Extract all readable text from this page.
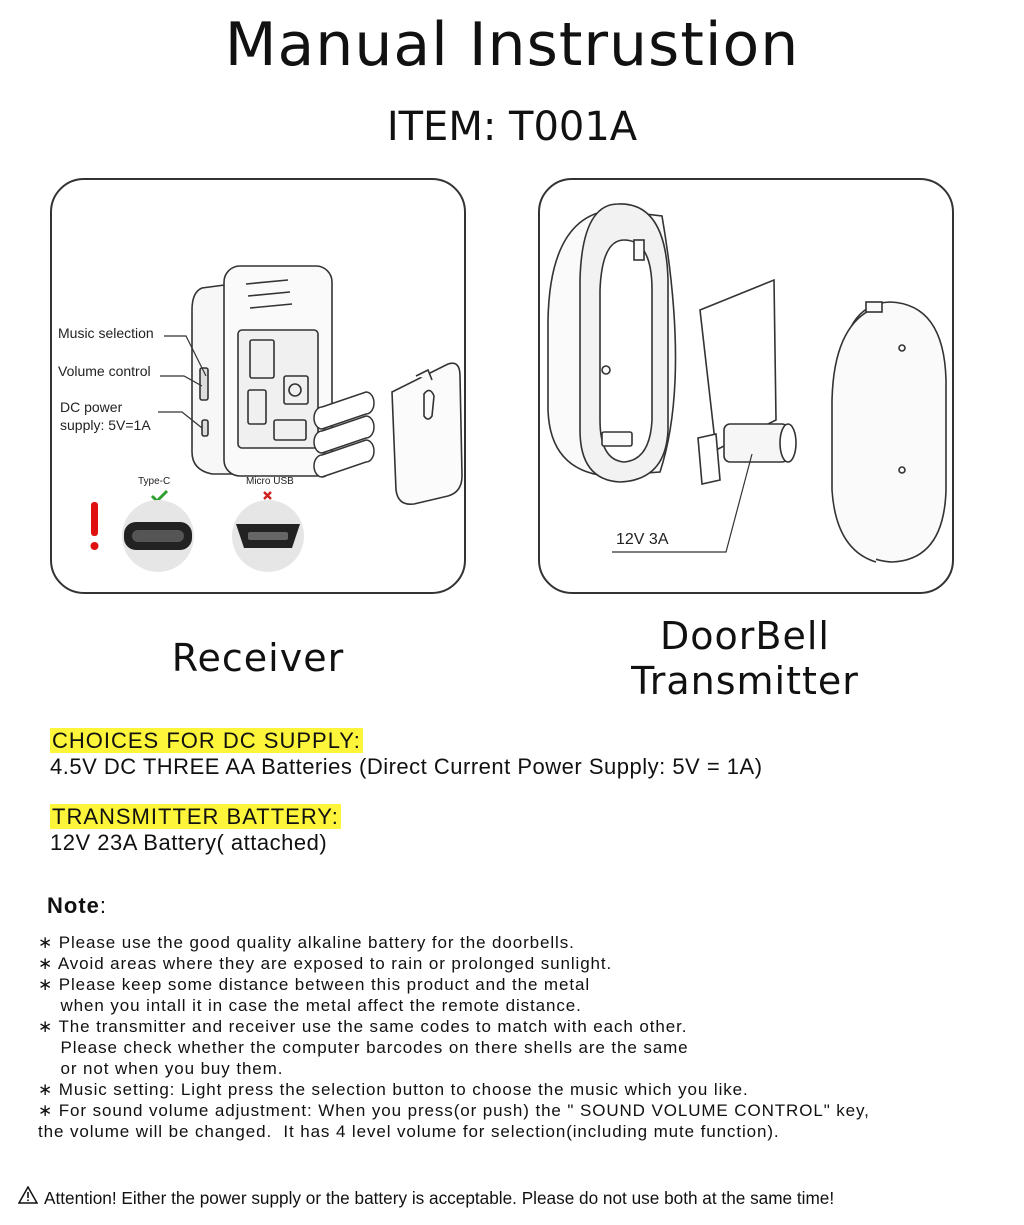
Manual Instrustion
ITEM: T001A
Music selection
Volume control
DC power
supply: 5V=1A
Type-C	Micro USB
12V 3A
Receiver	DoorBell
Transmitter
CHOICES FOR DC SUPPLY:
4.5V DC THREE AA Batteries (Direct Current Power Supply: 5V = 1A)
TRANSMITTER BATTERY:
12V 23A Battery( attached)
Note:
∗ Please use the good quality alkaline battery for the doorbells.
∗ Avoid areas where they are exposed to rain or prolonged sunlight.
∗ Please keep some distance between this product and the metal
when you intall it in case the metal affect the remote distance.
∗ The transmitter and receiver use the same codes to match with each other.
Please check whether the computer barcodes on there shells are the same
or not when you buy them.
∗ Music setting: Light press the selection button to choose the music which you like.
∗ For sound volume adjustment: When you press(or push) the " SOUND VOLUME CONTROL" key,
the volume will be changed.  It has 4 level volume for selection(including mute function).
Attention! Either the power supply or the battery is acceptable. Please do not use both at the same time!
